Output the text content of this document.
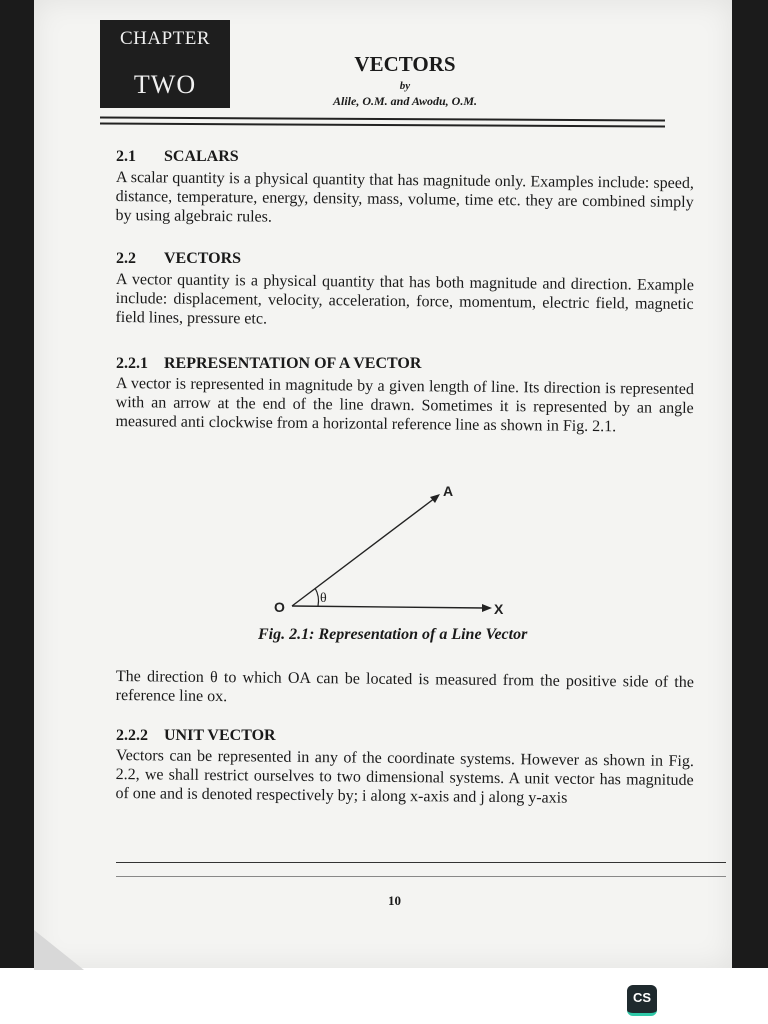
CHAPTER
TWO
VECTORS
by
Alile, O.M. and Awodu, O.M.
2.1 SCALARS

A scalar quantity is a physical quantity that has magnitude only. Examples include: speed, distance, temperature, energy, density, mass, volume, time etc. they are combined simply by using algebraic rules.

2.2 VECTORS

A vector quantity is a physical quantity that has both magnitude and direction. Example include: displacement, velocity, acceleration, force, momentum, electric field, magnetic field lines, pressure etc.

2.2.1 REPRESENTATION OF A VECTOR

A vector is represented in magnitude by a given length of line. Its direction is represented with an arrow at the end of the line drawn. Sometimes it is represented by an angle measured anti clockwise from a horizontal reference line as shown in Fig. 2.1.

A
O	X
θ
Fig. 2.1: Representation of a Line Vector

The direction θ to which OA can be located is measured from the positive side of the reference line ox.

2.2.2 UNIT VECTOR

Vectors can be represented in any of the coordinate systems. However as shown in Fig. 2.2, we shall restrict ourselves to two dimensional systems. A unit vector has magnitude of one and is denoted respectively by; i along x-axis and j along y-axis

10
CS
